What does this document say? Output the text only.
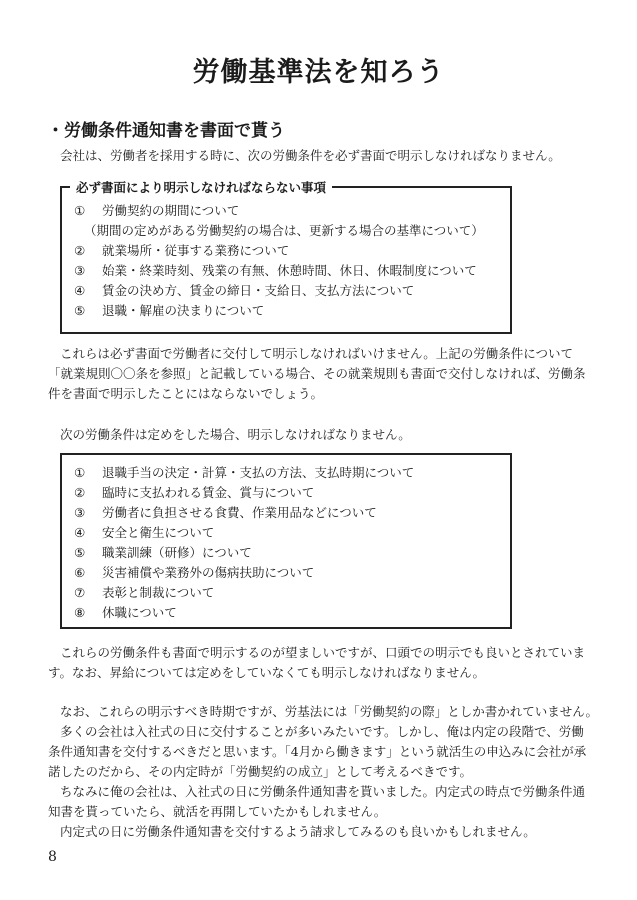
労働基準法を知ろう
・労働条件通知書を書面で貰う

会社は、労働者を採用する時に、次の労働条件を必ず書面で明示しなければなりません。

必ず書面により明示しなければならない事項
① 労働契約の期間について
（期間の定めがある労働契約の場合は、更新する場合の基準について）
② 就業場所・従事する業務について
③ 始業・終業時刻、残業の有無、休憩時間、休日、休暇制度について
④ 賃金の決め方、賃金の締日・支給日、支払方法について
⑤ 退職・解雇の決まりについて

これらは必ず書面で労働者に交付して明示しなければいけません。上記の労働条件について
「就業規則〇〇条を参照」と記載している場合、その就業規則も書面で交付しなければ、労働条
件を書面で明示したことにはならないでしょう。

次の労働条件は定めをした場合、明示しなければなりません。

① 退職手当の決定・計算・支払の方法、支払時期について
② 臨時に支払われる賃金、賞与について
③ 労働者に負担させる食費、作業用品などについて
④ 安全と衛生について
⑤ 職業訓練（研修）について
⑥ 災害補償や業務外の傷病扶助について
⑦ 表彰と制裁について
⑧ 休職について

これらの労働条件も書面で明示するのが望ましいですが、口頭での明示でも良いとされていま
す。なお、昇給については定めをしていなくても明示しなければなりません。

なお、これらの明示すべき時期ですが、労基法には「労働契約の際」としか書かれていません。
多くの会社は入社式の日に交付することが多いみたいです。しかし、俺は内定の段階で、労働
条件通知書を交付するべきだと思います。「4月から働きます」という就活生の申込みに会社が承
諾したのだから、その内定時が「労働契約の成立」として考えるべきです。
ちなみに俺の会社は、入社式の日に労働条件通知書を貰いました。内定式の時点で労働条件通
知書を貰っていたら、就活を再開していたかもしれません。
内定式の日に労働条件通知書を交付するよう請求してみるのも良いかもしれません。

8
